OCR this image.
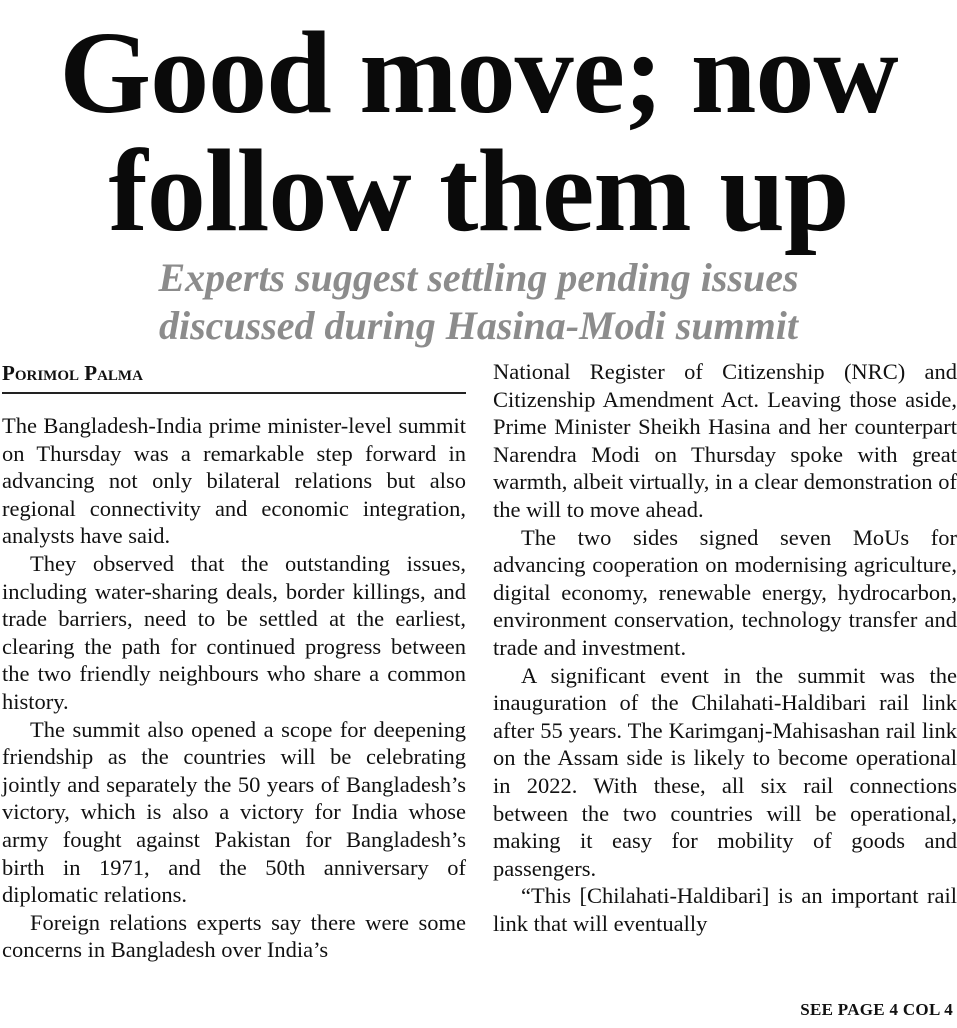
Good move; now
follow them up
Experts suggest settling pending issues
discussed during Hasina-Modi summit
Porimol Palma

The Bangladesh-India prime minister-level summit on Thursday was a remarkable step forward in advancing not only bilateral relations but also regional connectivity and economic integration, analysts have said.

They observed that the outstanding issues, including water-sharing deals, border killings, and trade barriers, need to be settled at the earliest, clearing the path for continued progress between the two friendly neighbours who share a common history.

The summit also opened a scope for deepening friendship as the countries will be celebrating jointly and separately the 50 years of Bangladesh’s victory, which is also a victory for India whose army fought against Pakistan for Bangladesh’s birth in 1971, and the 50th anniversary of diplomatic relations.

Foreign relations experts say there were some concerns in Bangladesh over India’s

National Register of Citizenship (NRC) and Citizenship Amendment Act. Leaving those aside, Prime Minister Sheikh Hasina and her counterpart Narendra Modi on Thursday spoke with great warmth, albeit virtually, in a clear demonstration of the will to move ahead.

The two sides signed seven MoUs for advancing cooperation on modernising agriculture, digital economy, renewable energy, hydrocarbon, environment conservation, technology transfer and trade and investment.

A significant event in the summit was the inauguration of the Chilahati-Haldibari rail link after 55 years. The Karimganj-Mahisashan rail link on the Assam side is likely to become operational in 2022. With these, all six rail connections between the two countries will be operational, making it easy for mobility of goods and passengers.

“This [Chilahati-Haldibari] is an important rail link that will eventually

SEE PAGE 4 COL 4
